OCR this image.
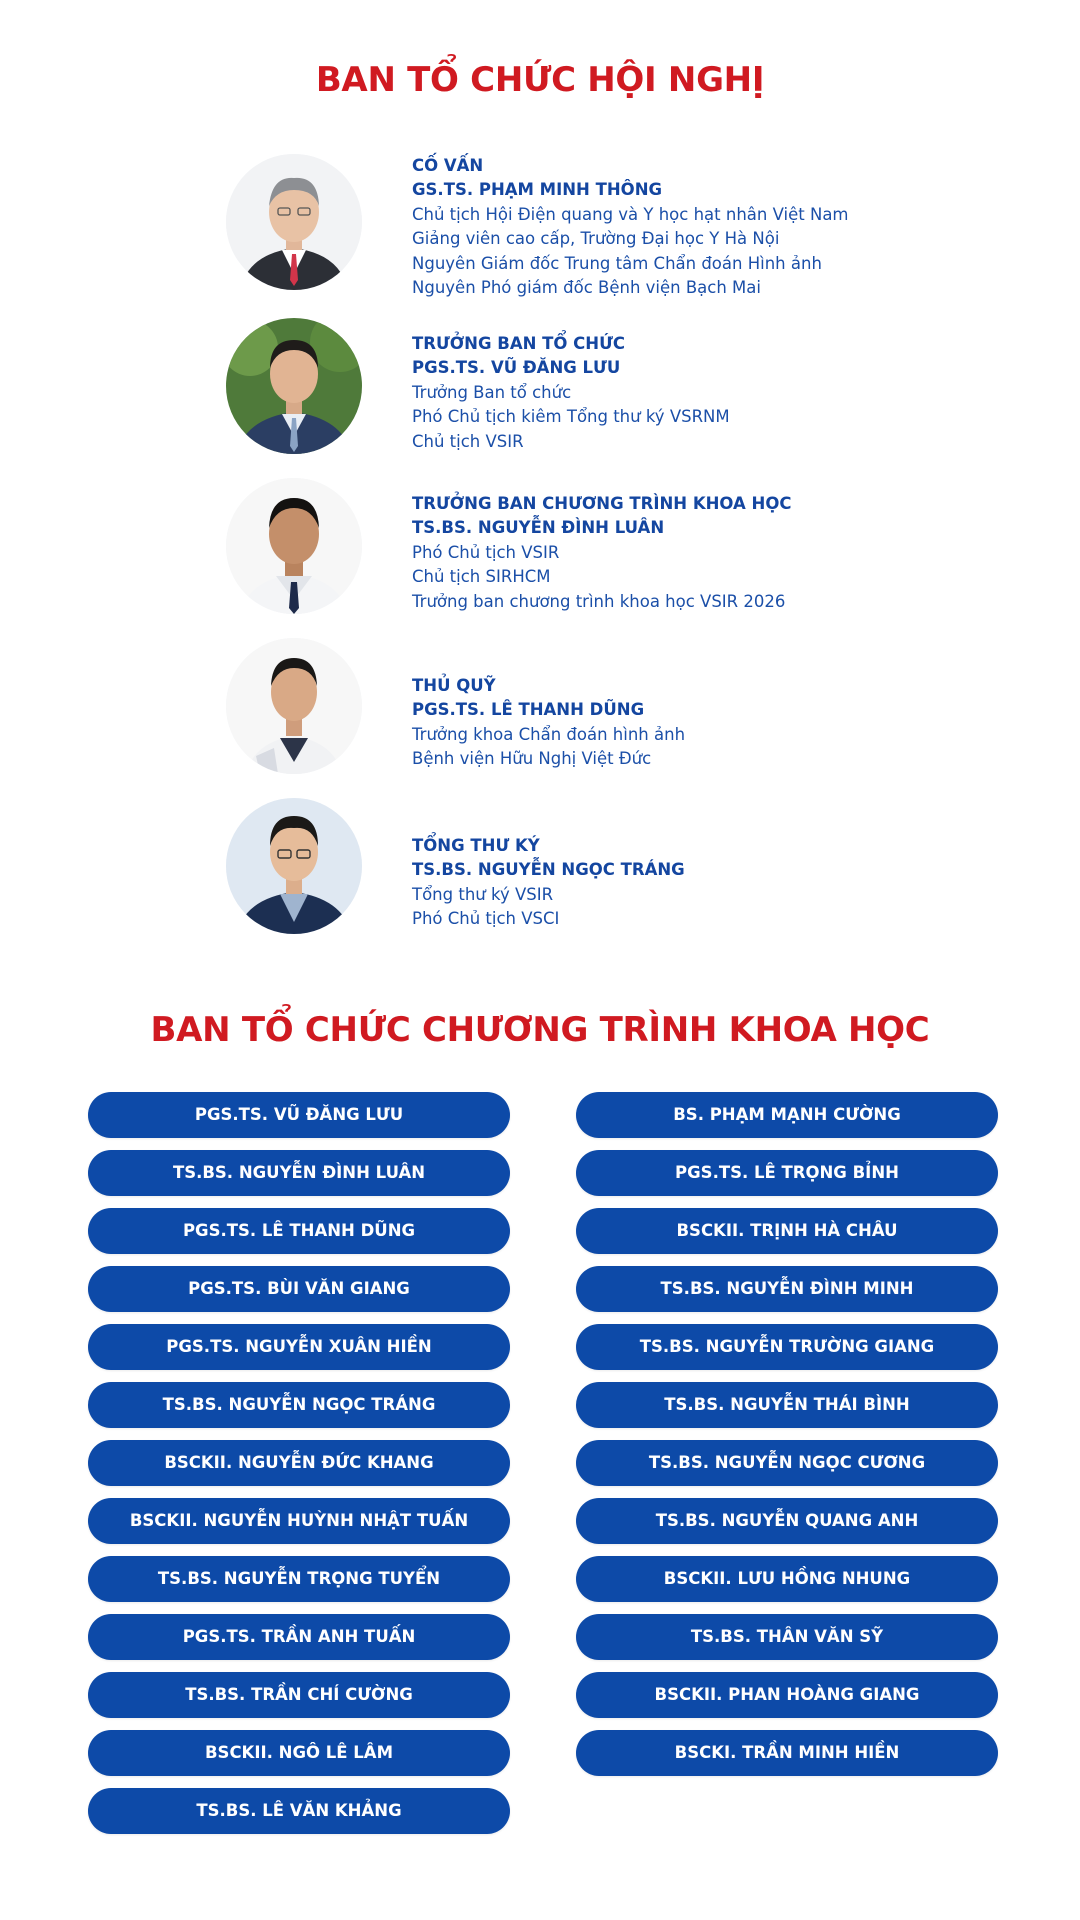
BAN TỔ CHỨC HỘI NGHỊ
CỐ VẤN
GS.TS. PHẠM MINH THÔNG
Chủ tịch Hội Điện quang và Y học hạt nhân Việt Nam
Giảng viên cao cấp, Trường Đại học Y Hà Nội
Nguyên Giám đốc Trung tâm Chẩn đoán Hình ảnh
Nguyên Phó giám đốc Bệnh viện Bạch Mai
TRƯỞNG BAN TỔ CHỨC
PGS.TS. VŨ ĐĂNG LƯU
Trưởng Ban tổ chức
Phó Chủ tịch kiêm Tổng thư ký VSRNM
Chủ tịch VSIR
TRƯỞNG BAN CHƯƠNG TRÌNH KHOA HỌC
TS.BS. NGUYỄN ĐÌNH LUÂN
Phó Chủ tịch VSIR
Chủ tịch SIRHCM
Trưởng ban chương trình khoa học VSIR 2026
THỦ QUỸ
PGS.TS. LÊ THANH DŨNG
Trưởng khoa Chẩn đoán hình ảnh
Bệnh viện Hữu Nghị Việt Đức
TỔNG THƯ KÝ
TS.BS. NGUYỄN NGỌC TRÁNG
Tổng thư ký VSIR
Phó Chủ tịch VSCI
BAN TỔ CHỨC CHƯƠNG TRÌNH KHOA HỌC
PGS.TS. VŨ ĐĂNG LƯU
TS.BS. NGUYỄN ĐÌNH LUÂN
PGS.TS. LÊ THANH DŨNG
PGS.TS. BÙI VĂN GIANG
PGS.TS. NGUYỄN XUÂN HIỀN
TS.BS. NGUYỄN NGỌC TRÁNG
BSCKII. NGUYỄN ĐỨC KHANG
BSCKII. NGUYỄN HUỲNH NHẬT TUẤN
TS.BS. NGUYỄN TRỌNG TUYỂN
PGS.TS. TRẦN ANH TUẤN
TS.BS. TRẦN CHÍ CƯỜNG
BSCKII. NGÔ LÊ LÂM
TS.BS. LÊ VĂN KHẢNG
BS. PHẠM MẠNH CƯỜNG
PGS.TS. LÊ TRỌNG BỈNH
BSCKII. TRỊNH HÀ CHÂU
TS.BS. NGUYỄN ĐÌNH MINH
TS.BS. NGUYỄN TRƯỜNG GIANG
TS.BS. NGUYỄN THÁI BÌNH
TS.BS. NGUYỄN NGỌC CƯƠNG
TS.BS. NGUYỄN QUANG ANH
BSCKII. LƯU HỒNG NHUNG
TS.BS. THÂN VĂN SỸ
BSCKII. PHAN HOÀNG GIANG
BSCKI. TRẦN MINH HIỀN
